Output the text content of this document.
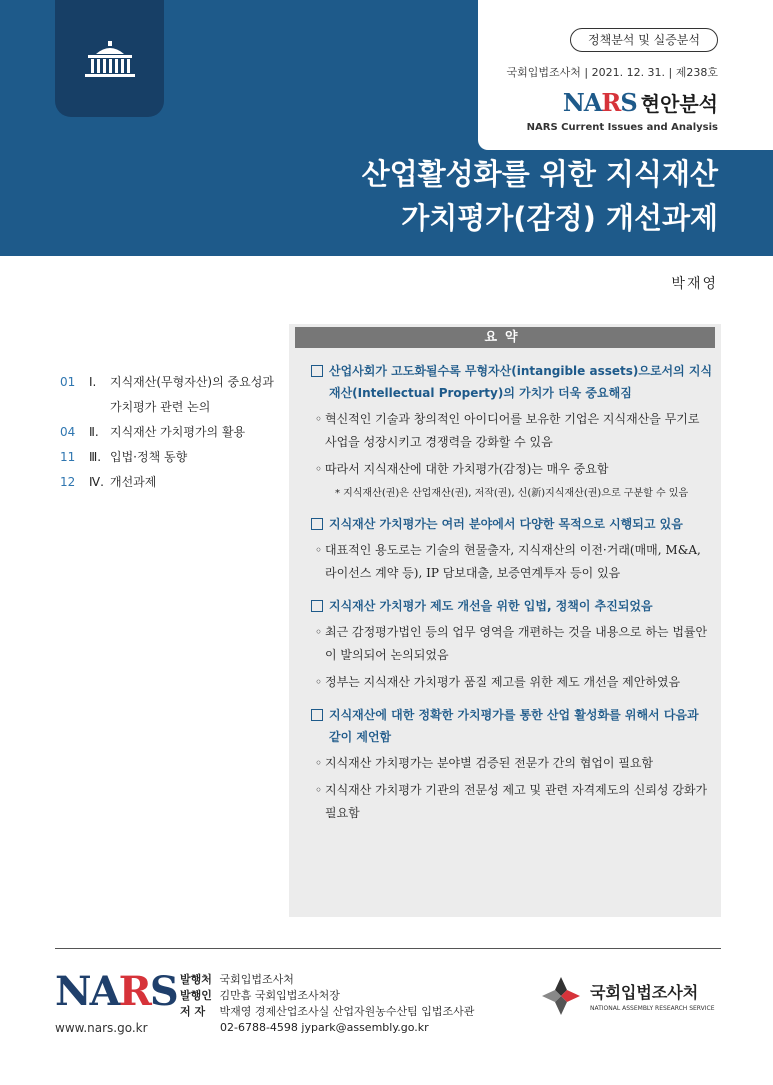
정책분석 및 실증분석
국회입법조사처 | 2021. 12. 31. | 제238호
NARS 현안분석
NARS Current Issues and Analysis
산업활성화를 위한 지식재산
가치평가(감정) 개선과제
박재영
01	Ⅰ.	지식재산(무형자산)의 중요성과
가치평가 관련 논의
04	Ⅱ. 지식재산 가치평가의 활용
11	Ⅲ. 입법·정책 동향
12	Ⅳ. 개선과제
요약
산업사회가 고도화될수록 무형자산(intangible assets)으로서의 지식재산(Intellectual Property)의 가치가 더욱 중요해짐
◦ 혁신적인 기술과 창의적인 아이디어를 보유한 기업은 지식재산을 무기로 사업을 성장시키고 경쟁력을 강화할 수 있음
◦ 따라서 지식재산에 대한 가치평가(감정)는 매우 중요함
* 지식재산(권)은 산업재산(권), 저작(권), 신(新)지식재산(권)으로 구분할 수 있음
지식재산 가치평가는 여러 분야에서 다양한 목적으로 시행되고 있음
◦ 대표적인 용도로는 기술의 현물출자, 지식재산의 이전·거래(매매, M&A, 라이선스 계약 등), IP 담보대출, 보증연계투자 등이 있음
지식재산 가치평가 제도 개선을 위한 입법, 정책이 추진되었음
◦ 최근 감정평가법인 등의 업무 영역을 개편하는 것을 내용으로 하는 법률안이 발의되어 논의되었음
◦ 정부는 지식재산 가치평가 품질 제고를 위한 제도 개선을 제안하였음
지식재산에 대한 정확한 가치평가를 통한 산업 활성화를 위해서 다음과 같이 제언함
◦ 지식재산 가치평가는 분야별 검증된 전문가 간의 협업이 필요함
◦ 지식재산 가치평가 기관의 전문성 제고 및 관련 자격제도의 신뢰성 강화가 필요함
NARS
www.nars.go.kr
발행처 국회입법조사처
발행인 김만흠 국회입법조사처장
저 자 박재영 경제산업조사실 산업자원농수산팀 입법조사관
02-6788-4598 jypark@assembly.go.kr
국회입법조사처
NATIONAL ASSEMBLY RESEARCH SERVICE
